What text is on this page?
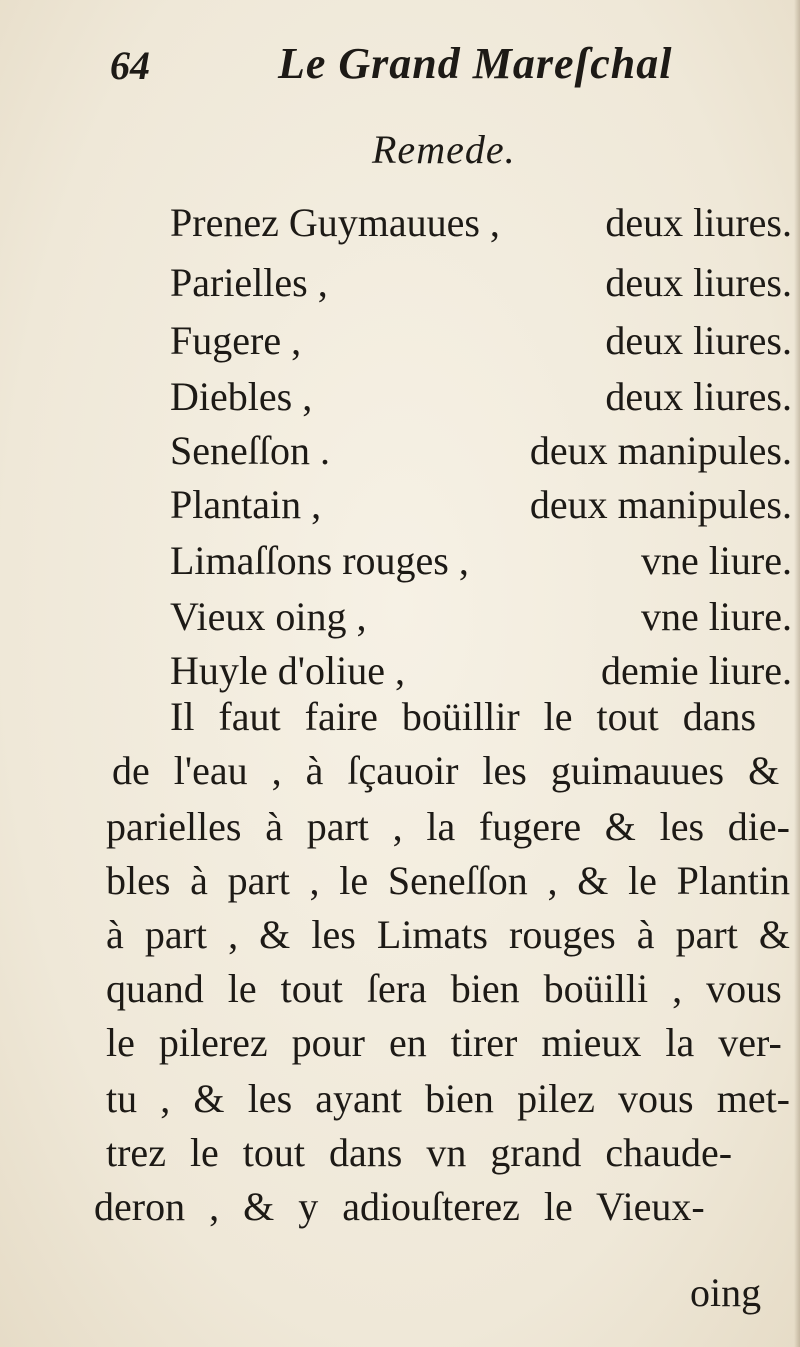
64	Le Grand Mareſchal
Remede.
Prenez Guymauues ,	deux liures.
Parielles ,	deux liures.
Fugere ,	deux liures.
Diebles ,	deux liures.
Seneſſon .	deux manipules.
Plantain ,	deux manipules.
Limaſſons rouges ,	vne liure.
Vieux oing ,	vne liure.
Huyle d'oliue ,	demie liure.
Il faut faire boüillir le tout dans
de l'eau , à ſçauoir les guimauues &
parielles à part , la fugere & les die-
bles à part , le Seneſſon , & le Plantin
à part , & les Limats rouges à part &
quand le tout ſera bien boüilli , vous
le pilerez pour en tirer mieux la ver-
tu , & les ayant bien pilez vous met-
trez le tout dans vn grand chaude-
deron , & y adiouſterez le Vieux-
oing
